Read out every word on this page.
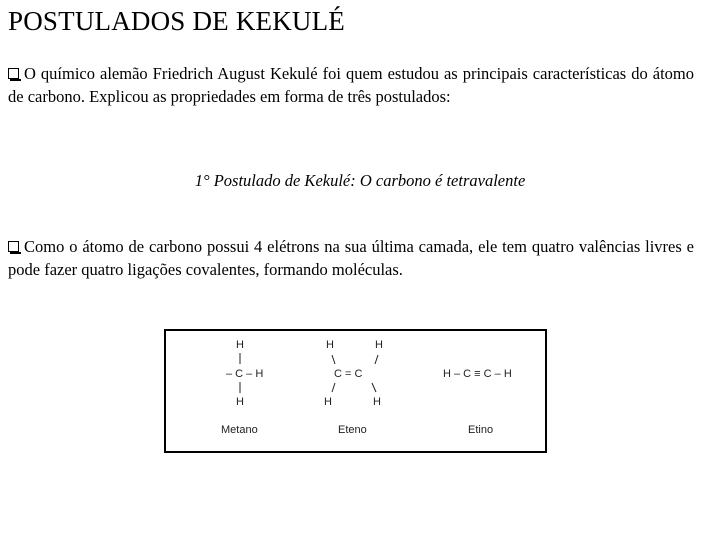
POSTULADOS DE KEKULÉ
O químico alemão Friedrich August Kekulé foi quem estudou as principais características do átomo de carbono. Explicou as propriedades em forma de três postulados:
1° Postulado de Kekulé: O carbono é tetravalente
Como o átomo de carbono possui 4 elétrons na sua última camada, ele tem quatro valências livres e pode fazer quatro ligações covalentes, formando moléculas.
H
– C – H
H
H	H
C = C
H	H
H – C ≡ C – H
Metano	Eteno	Etino
